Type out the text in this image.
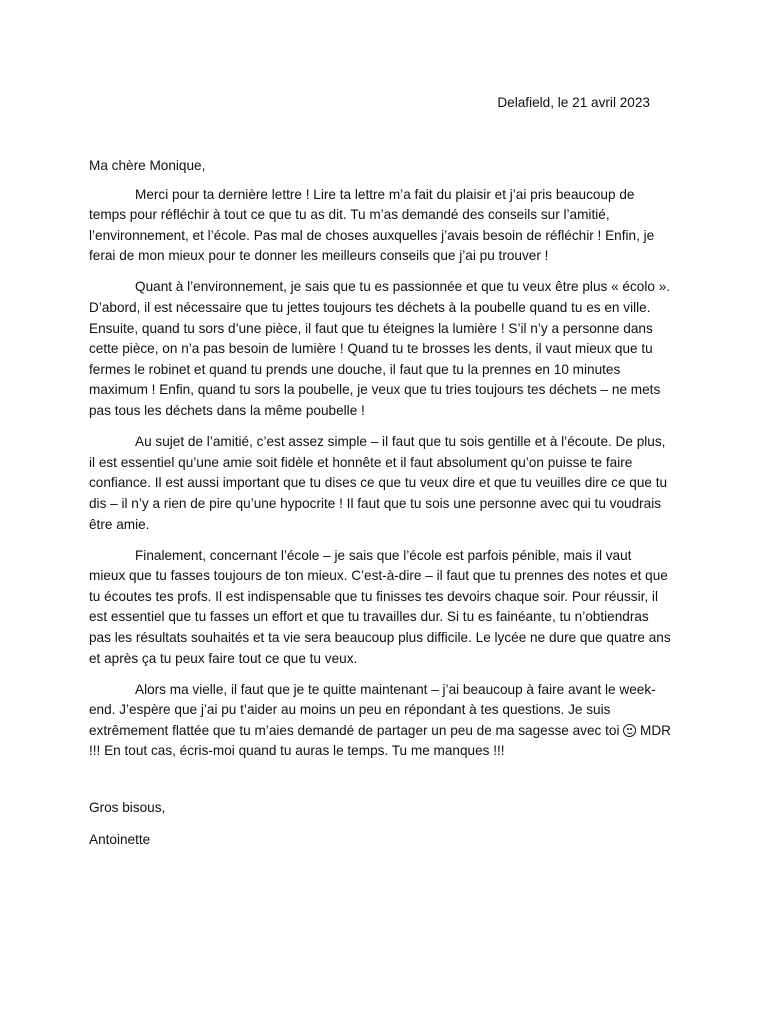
Delafield, le 21 avril 2023

Ma chère Monique,

Merci pour ta dernière lettre ! Lire ta lettre m’a fait du plaisir et j’ai pris beaucoup de temps pour réfléchir à tout ce que tu as dit. Tu m’as demandé des conseils sur l’amitié, l’environnement, et l’école. Pas mal de choses auxquelles j’avais besoin de réfléchir ! Enfin, je ferai de mon mieux pour te donner les meilleurs conseils que j’ai pu trouver !

Quant à l’environnement, je sais que tu es passionnée et que tu veux être plus « écolo ». D’abord, il est nécessaire que tu jettes toujours tes déchets à la poubelle quand tu es en ville. Ensuite, quand tu sors d’une pièce, il faut que tu éteignes la lumière ! S’il n’y a personne dans cette pièce, on n’a pas besoin de lumière ! Quand tu te brosses les dents, il vaut mieux que tu fermes le robinet et quand tu prends une douche, il faut que tu la prennes en 10 minutes maximum ! Enfin, quand tu sors la poubelle, je veux que tu tries toujours tes déchets – ne mets pas tous les déchets dans la même poubelle !

Au sujet de l’amitié, c’est assez simple – il faut que tu sois gentille et à l’écoute. De plus, il est essentiel qu’une amie soit fidèle et honnête et il faut absolument qu’on puisse te faire confiance. Il est aussi important que tu dises ce que tu veux dire et que tu veuilles dire ce que tu dis – il n’y a rien de pire qu’une hypocrite ! Il faut que tu sois une personne avec qui tu voudrais être amie.

Finalement, concernant l’école – je sais que l’école est parfois pénible, mais il vaut mieux que tu fasses toujours de ton mieux. C’est-à-dire – il faut que tu prennes des notes et que tu écoutes tes profs. Il est indispensable que tu finisses tes devoirs chaque soir. Pour réussir, il est essentiel que tu fasses un effort et que tu travailles dur. Si tu es fainéante, tu n’obtiendras pas les résultats souhaités et ta vie sera beaucoup plus difficile. Le lycée ne dure que quatre ans et après ça tu peux faire tout ce que tu veux.

Alors ma vielle, il faut que je te quitte maintenant – j’ai beaucoup à faire avant le week-end. J’espère que j’ai pu t’aider au moins un peu en répondant à tes questions. Je suis extrêmement flattée que tu m’aies demandé de partager un peu de ma sagesse avec toi
MDR !!! En tout cas, écris-moi quand tu auras le temps. Tu me manques !!!

Gros bisous,
Antoinette
